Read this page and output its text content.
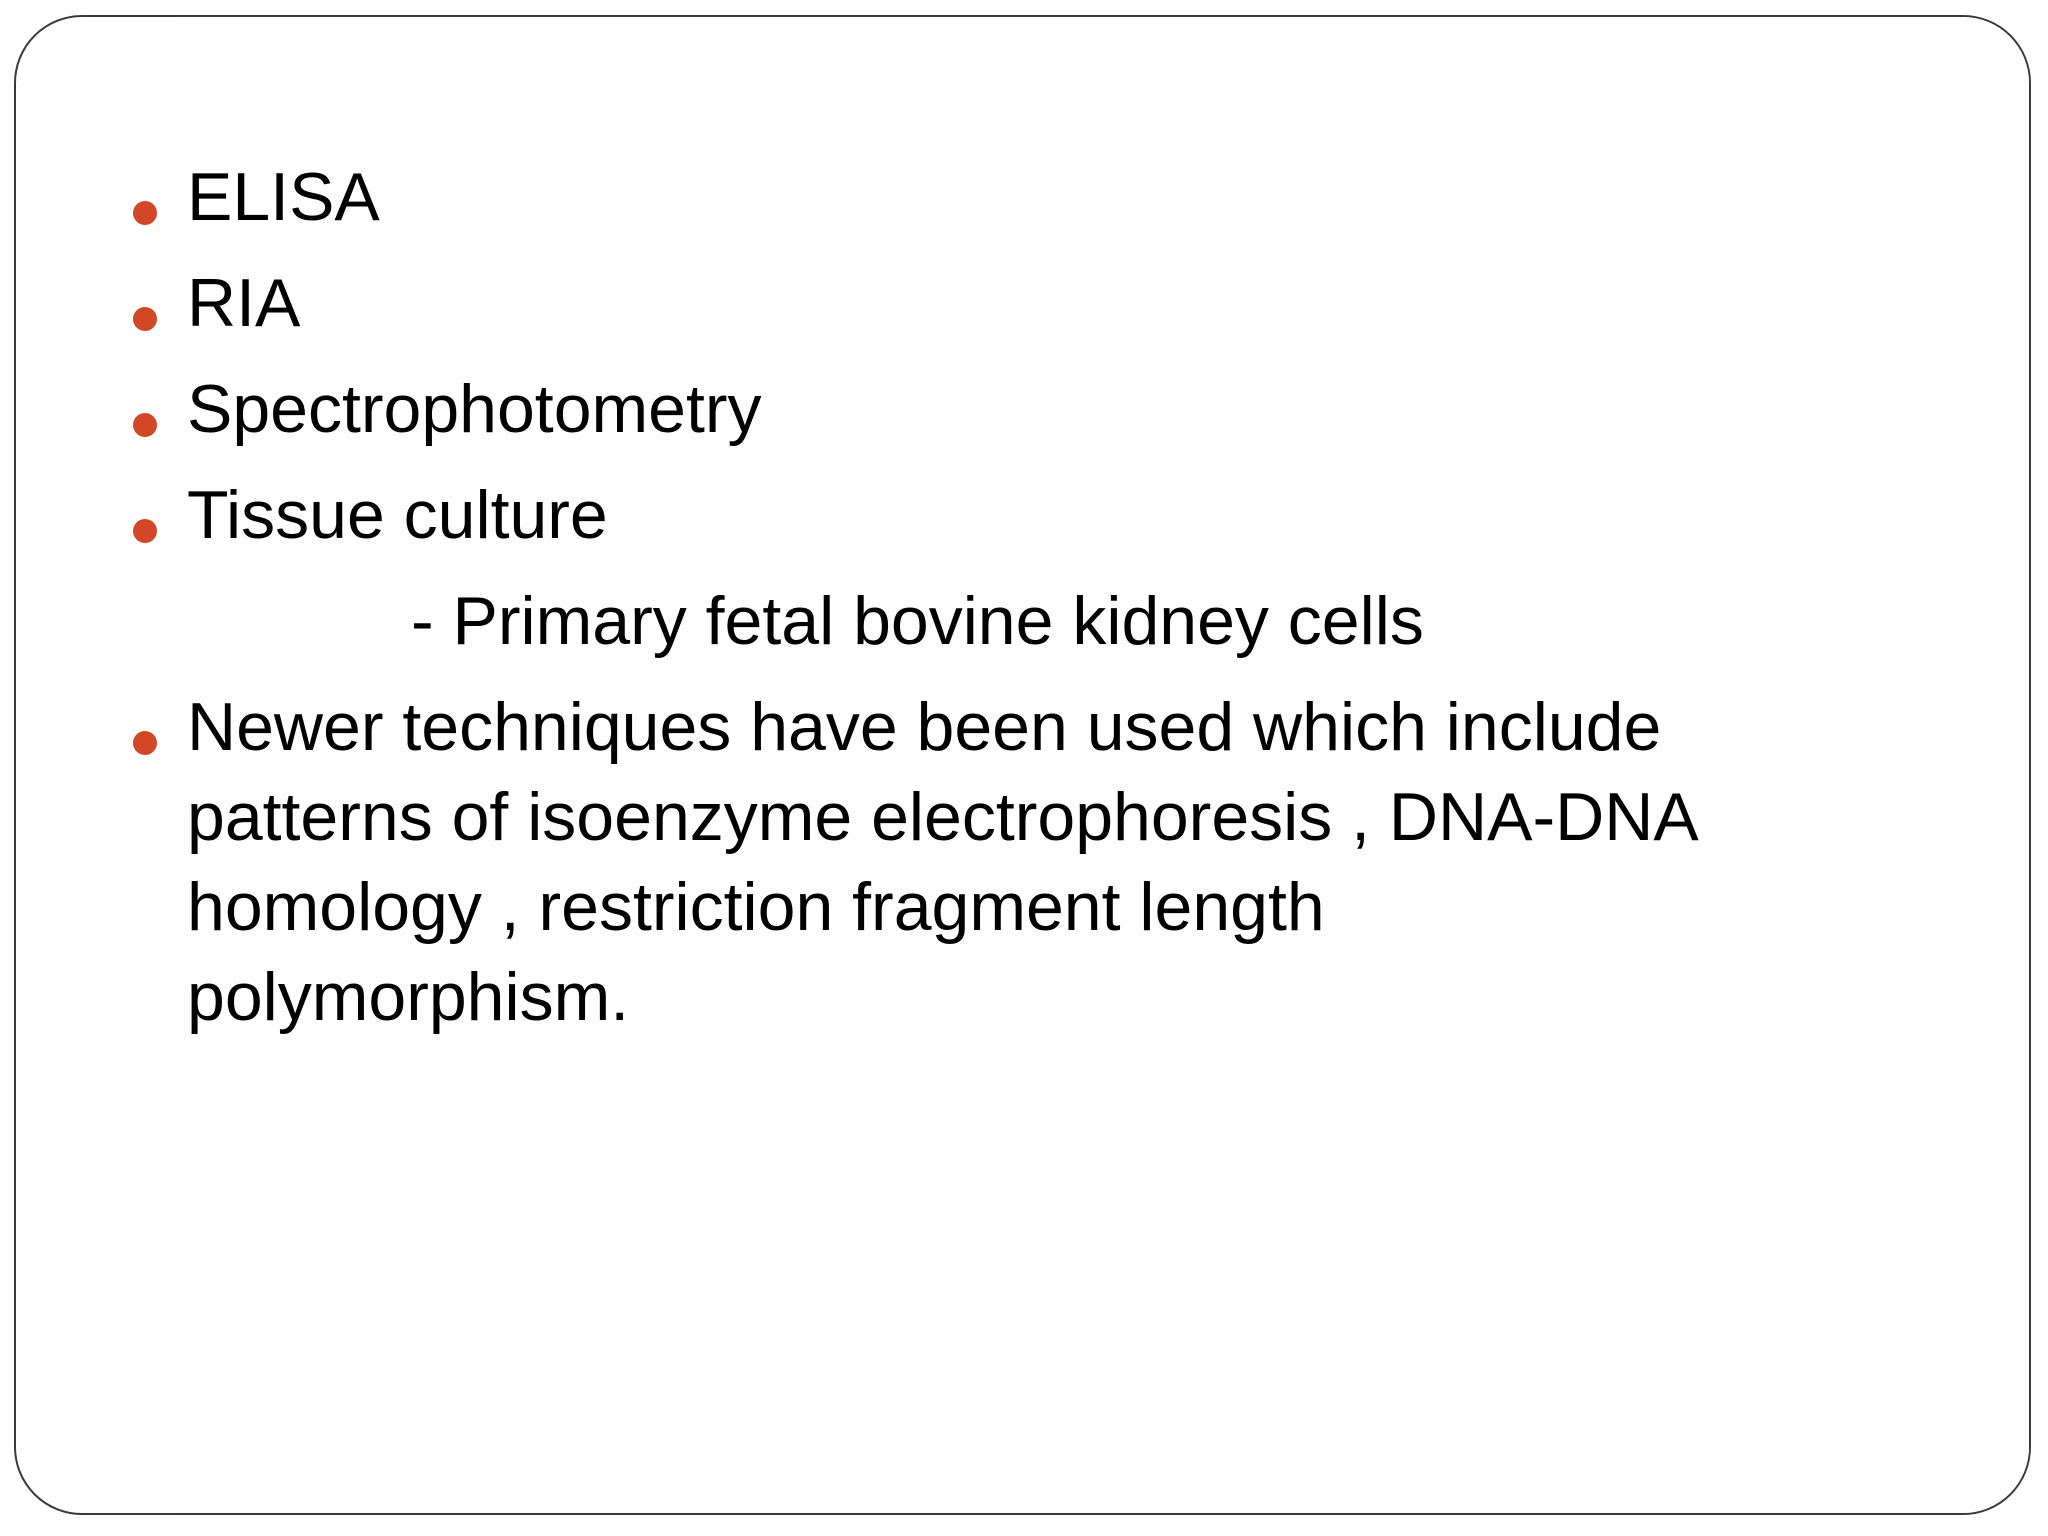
ELISA
RIA
Spectrophotometry
Tissue culture
- Primary fetal bovine kidney cells
Newer techniques have been used which include
patterns of isoenzyme electrophoresis , DNA-DNA
homology , restriction fragment length
polymorphism.
